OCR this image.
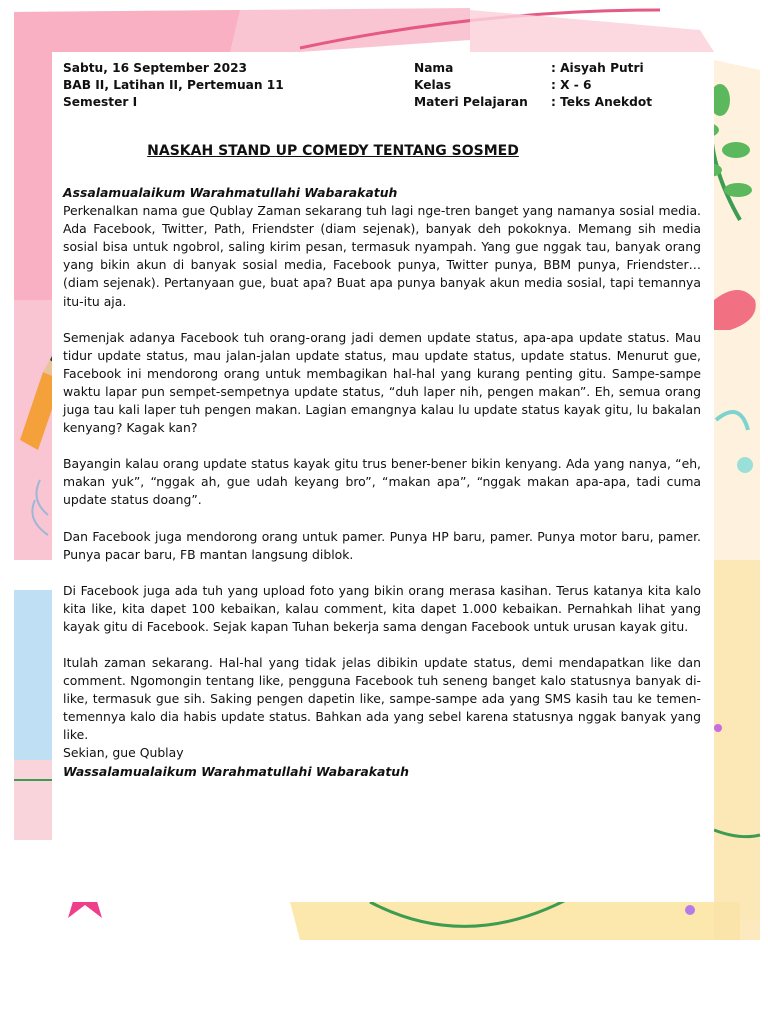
Sabtu, 16 September 2023	Nama	: Aisyah Putri
BAB II, Latihan II, Pertemuan 11	Kelas	: X - 6
Semester I	Materi Pelajaran	: Teks Anekdot
NASKAH STAND UP COMEDY TENTANG SOSMED
Assalamualaikum Warahmatullahi Wabarakatuh

Perkenalkan nama gue Qublay Zaman sekarang tuh lagi nge-tren banget yang namanya sosial media. Ada Facebook, Twitter, Path, Friendster (diam sejenak), banyak deh pokoknya. Memang sih media sosial bisa untuk ngobrol, saling kirim pesan, termasuk nyampah. Yang gue nggak tau, banyak orang yang bikin akun di banyak sosial media, Facebook punya, Twitter punya, BBM punya, Friendster… (diam sejenak). Pertanyaan gue, buat apa? Buat apa punya banyak akun media sosial, tapi temannya itu-itu aja.

Semenjak adanya Facebook tuh orang-orang jadi demen update status, apa-apa update status. Mau tidur update status, mau jalan-jalan update status, mau update status, update status. Menurut gue, Facebook ini mendorong orang untuk membagikan hal-hal yang kurang penting gitu. Sampe-sampe waktu lapar pun sempet-sempetnya update status, “duh laper nih, pengen makan”. Eh, semua orang juga tau kali laper tuh pengen makan. Lagian emangnya kalau lu update status kayak gitu, lu bakalan kenyang? Kagak kan?

Bayangin kalau orang update status kayak gitu trus bener-bener bikin kenyang. Ada yang nanya, “eh, makan yuk”, “nggak ah, gue udah keyang bro”, “makan apa”, “nggak makan apa-apa, tadi cuma update status doang”.

Dan Facebook juga mendorong orang untuk pamer. Punya HP baru, pamer. Punya motor baru, pamer. Punya pacar baru, FB mantan langsung diblok.

Di Facebook juga ada tuh yang upload foto yang bikin orang merasa kasihan. Terus katanya kita kalo kita like, kita dapet 100 kebaikan, kalau comment, kita dapet 1.000 kebaikan. Pernahkah lihat yang kayak gitu di Facebook. Sejak kapan Tuhan bekerja sama dengan Facebook untuk urusan kayak gitu.

Itulah zaman sekarang. Hal-hal yang tidak jelas dibikin update status, demi mendapatkan like dan comment. Ngomongin tentang like, pengguna Facebook tuh seneng banget kalo statusnya banyak di-like, termasuk gue sih. Saking pengen dapetin like, sampe-sampe ada yang SMS kasih tau ke temen-temennya kalo dia habis update status. Bahkan ada yang sebel karena statusnya nggak banyak yang like.

Sekian, gue Qublay
Wassalamualaikum Warahmatullahi Wabarakatuh
